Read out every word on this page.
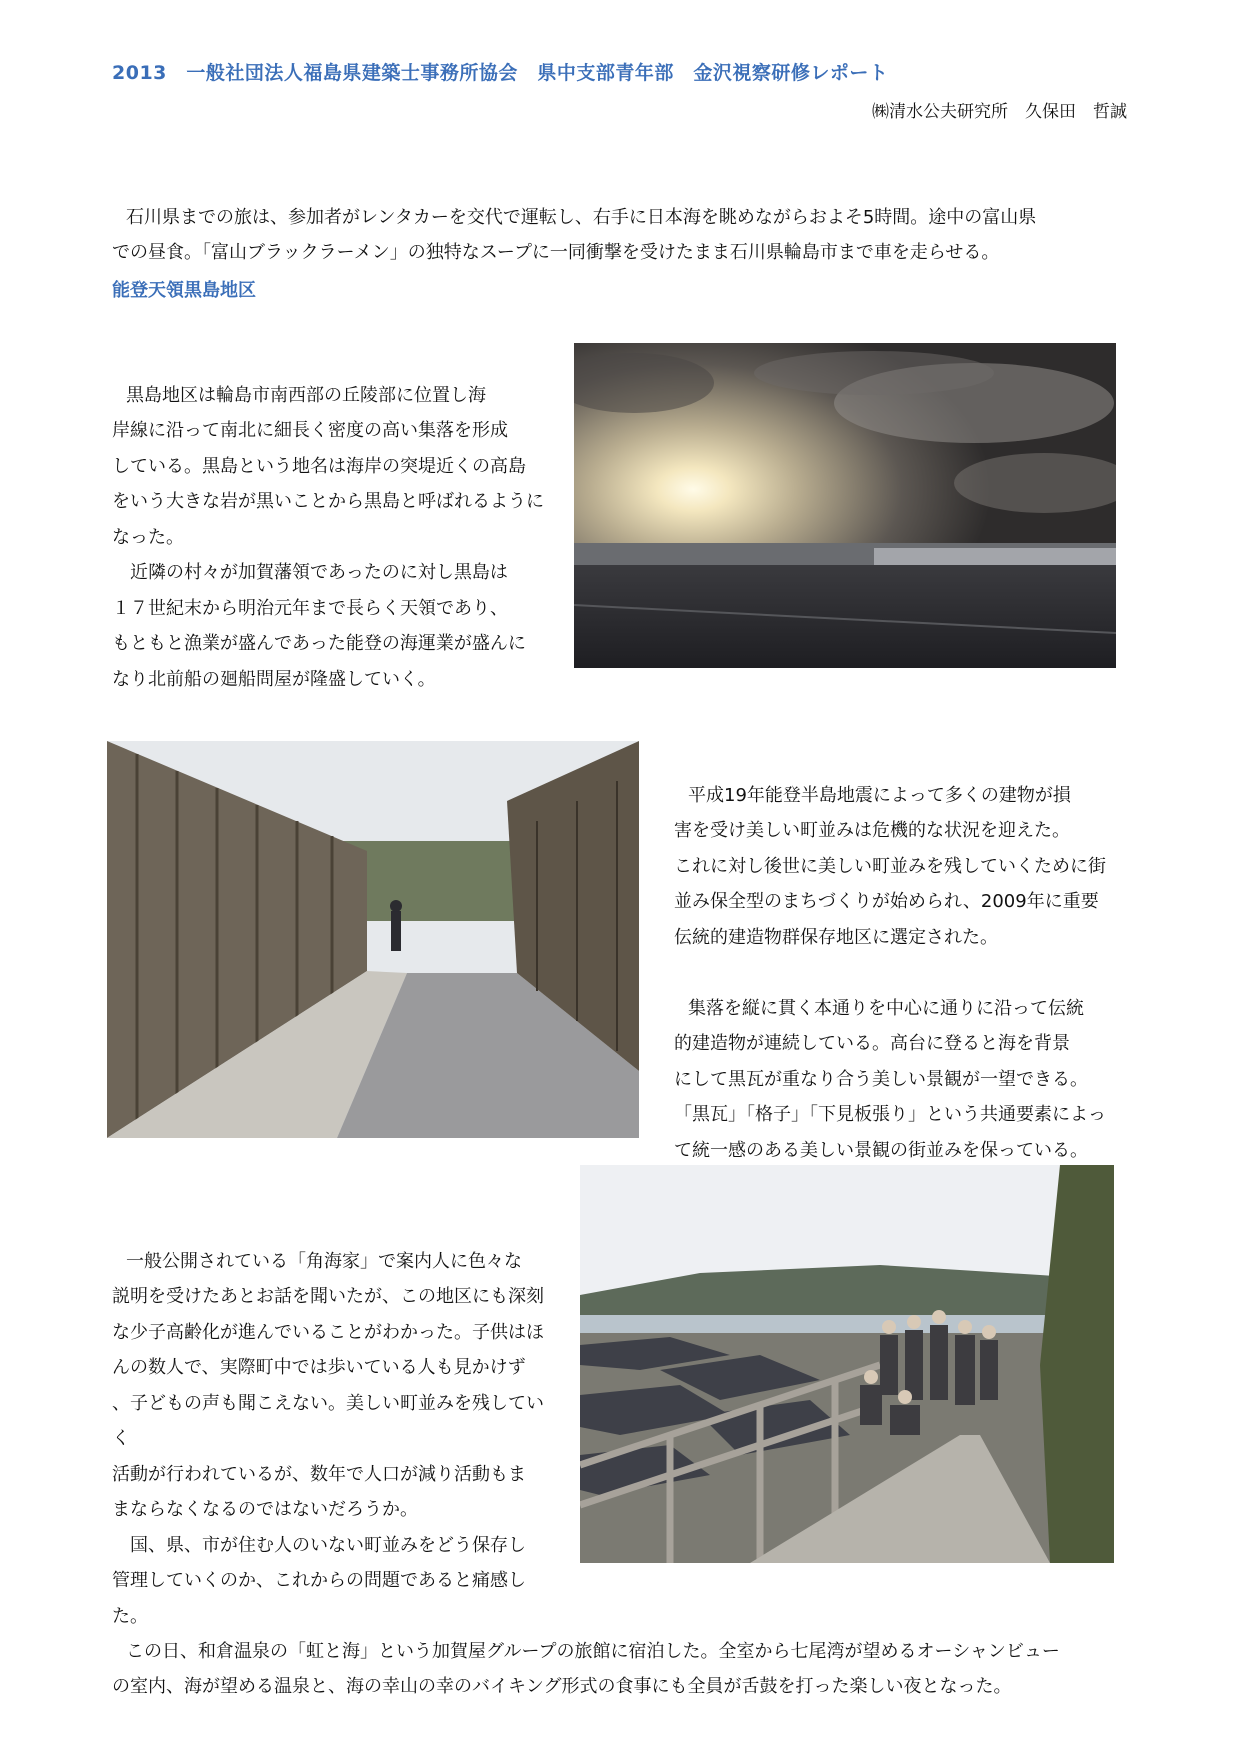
2013　一般社団法人福島県建築士事務所協会　県中支部青年部　金沢視察研修レポート
㈱清水公夫研究所　久保田　哲誠

石川県までの旅は、参加者がレンタカーを交代で運転し、右手に日本海を眺めながらおよそ5時間。途中の富山県
での昼食。「富山ブラックラーメン」の独特なスープに一同衝撃を受けたまま石川県輪島市まで車を走らせる。

能登天領黒島地区

黒島地区は輪島市南西部の丘陵部に位置し海
岸線に沿って南北に細長く密度の高い集落を形成
している。黒島という地名は海岸の突堤近くの高島
をいう大きな岩が黒いことから黒島と呼ばれるように
なった。
　近隣の村々が加賀藩領であったのに対し黒島は
１７世紀末から明治元年まで長らく天領であり、
もともと漁業が盛んであった能登の海運業が盛んに
なり北前船の廻船問屋が隆盛していく。

平成19年能登半島地震によって多くの建物が損
害を受け美しい町並みは危機的な状況を迎えた。
これに対し後世に美しい町並みを残していくために街
並み保全型のまちづくりが始められ、2009年に重要
伝統的建造物群保存地区に選定された。

集落を縦に貫く本通りを中心に通りに沿って伝統
的建造物が連続している。高台に登ると海を背景
にして黒瓦が重なり合う美しい景観が一望できる。
「黒瓦」「格子」「下見板張り」という共通要素によっ
て統一感のある美しい景観の街並みを保っている。

一般公開されている「角海家」で案内人に色々な
説明を受けたあとお話を聞いたが、この地区にも深刻
な少子高齢化が進んでいることがわかった。子供はほ
んの数人で、実際町中では歩いている人も見かけず
、子どもの声も聞こえない。美しい町並みを残していく
活動が行われているが、数年で人口が減り活動もま
まならなくなるのではないだろうか。
　国、県、市が住む人のいない町並みをどう保存し
管理していくのか、これからの問題であると痛感した。

この日、和倉温泉の「虹と海」という加賀屋グループの旅館に宿泊した。全室から七尾湾が望めるオーシャンビュー
の室内、海が望める温泉と、海の幸山の幸のバイキング形式の食事にも全員が舌鼓を打った楽しい夜となった。
